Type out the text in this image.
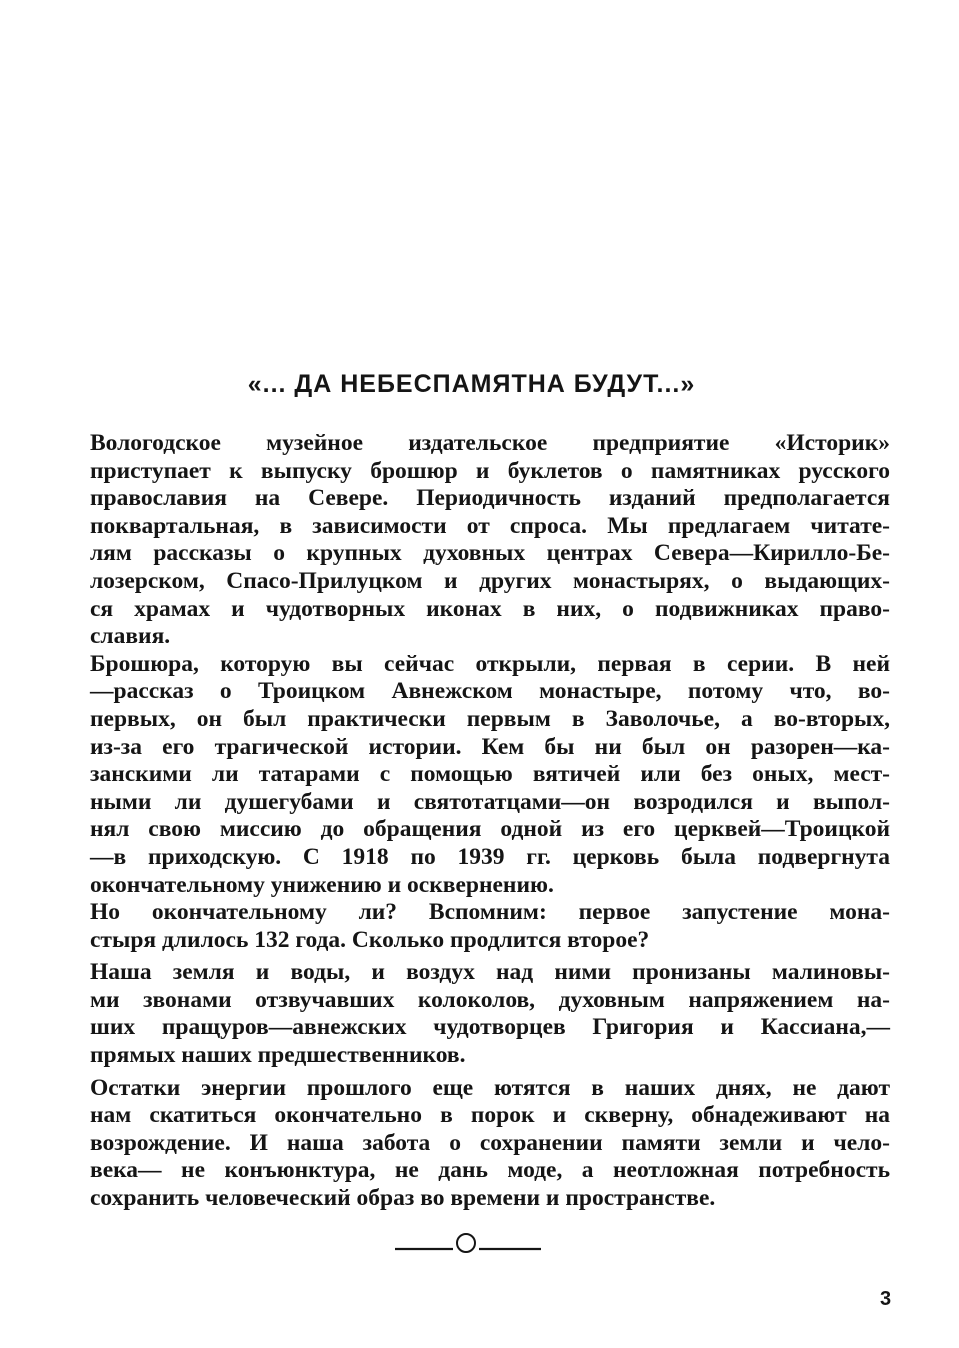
«... ДА НЕБЕСПАМЯТНА БУДУТ...»
Вологодское музейное издательское предприятие «Историк»
приступает к выпуску брошюр и буклетов о памятниках русского
православия на Севере. Периодичность изданий предполагается
поквартальная, в зависимости от спроса. Мы предлагаем читате-
лям рассказы о крупных духовных центрах Севера—Кирилло-Бе-
лозерском, Спасо-Прилуцком и других монастырях, о выдающих-
ся храмах и чудотворных иконах в них, о подвижниках право-
славия.
Брошюра, которую вы сейчас открыли, первая в серии. В ней
—рассказ о Троицком Авнежском монастыре, потому что, во-
первых, он был практически первым в Заволочье, а во-вторых,
из-за его трагической истории. Кем бы ни был он разорен—ка-
занскими ли татарами с помощью вятичей или без оных, мест-
ными ли душегубами и святотатцами—он возродился и выпол-
нял свою миссию до обращения одной из его церквей—Троицкой
—в приходскую. С 1918 по 1939 гг. церковь была подвергнута
окончательному унижению и осквернению.
Но окончательному ли? Вспомним: первое запустение мона-
стыря длилось 132 года. Сколько продлится второе?
Наша земля и воды, и воздух над ними пронизаны малиновы-
ми звонами отзвучавших колоколов, духовным напряжением на-
ших пращуров—авнежских чудотворцев Григория и Кассиана,—
прямых наших предшественников.
Остатки энергии прошлого еще ютятся в наших днях, не дают
нам скатиться окончательно в порок и скверну, обнадеживают на
возрождение. И наша забота о сохранении памяти земли и чело-
века— не конъюнктура, не дань моде, а неотложная потребность
сохранить человеческий образ во времени и пространстве.
3
